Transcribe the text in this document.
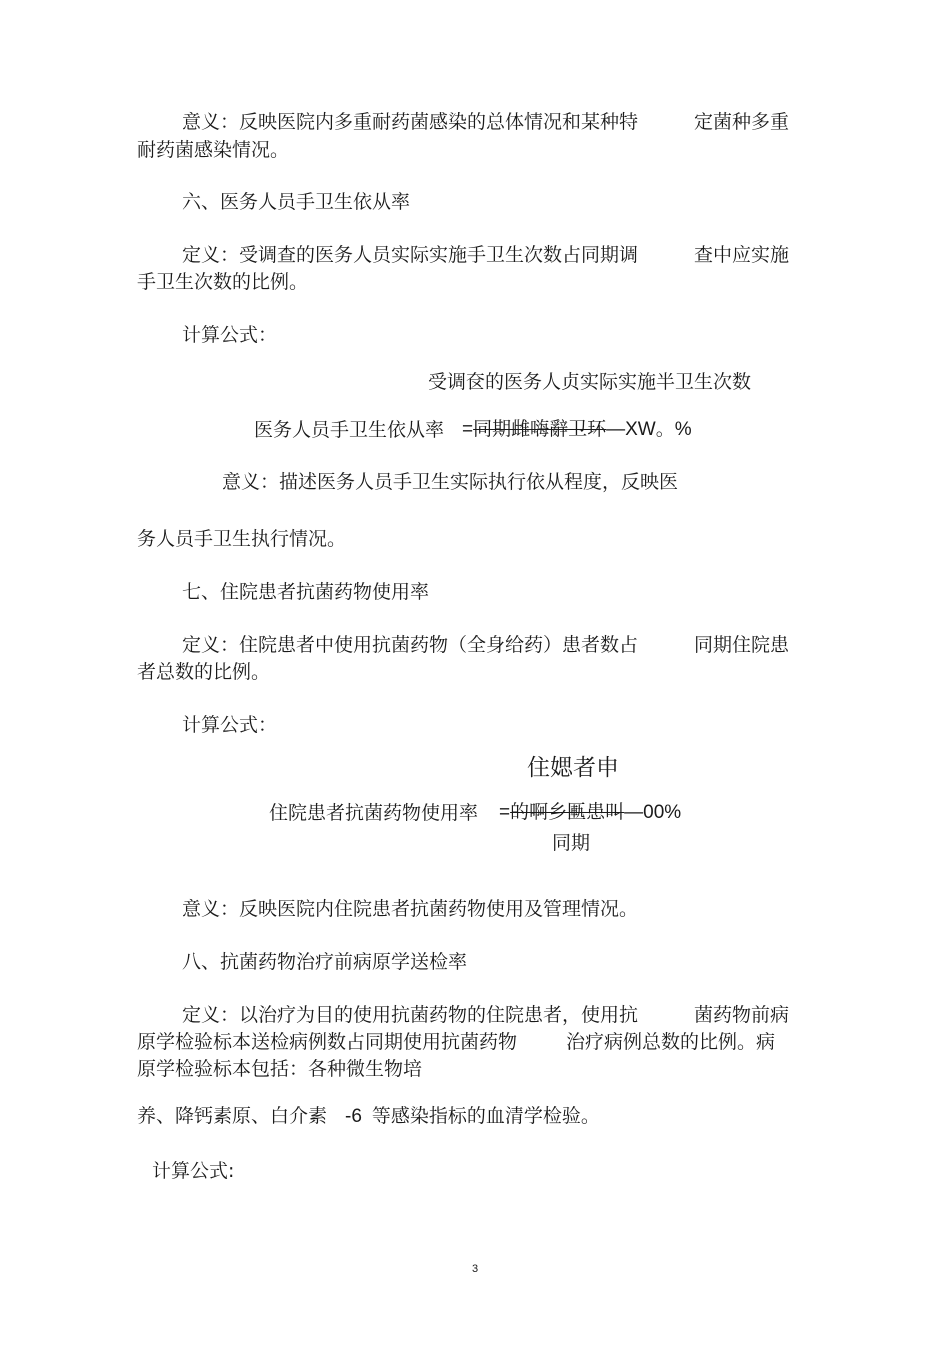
意义：反映医院内多重耐药菌感染的总体情况和某种特	定菌种多重
耐药菌感染情况。
六、医务人员手卫生依从率
定义：受调查的医务人员实际实施手卫生次数占同期调	查中应实施
手卫生次数的比例。
计算公式：
受调奁的医务人贞实际实施半卫生次数
医务人员手卫生依从率 =同期雌嗨辭卫环—XW。%
意义：描述医务人员手卫生实际执行依从程度，反映医
务人员手卫生执行情况。
七、住院患者抗菌药物使用率
定义：住院患者中使用抗菌药物（全身给药）患者数占	同期住院患
者总数的比例。
计算公式：
住媤者申
住院患者抗菌药物使用率 =的啊乡匭患叫—00%
同期
意义：反映医院内住院患者抗菌药物使用及管理情况。
八、抗菌药物治疗前病原学送检率
定义：以治疗为目的使用抗菌药物的住院患者，使用抗	菌药物前病
原学检验标本送检病例数占同期使用抗菌药物	治疗病例总数的比例。病
原学检验标本包括：各种微生物培
养、降钙素原、白介素 -6 等感染指标的血清学检验。
计算公式:
3
